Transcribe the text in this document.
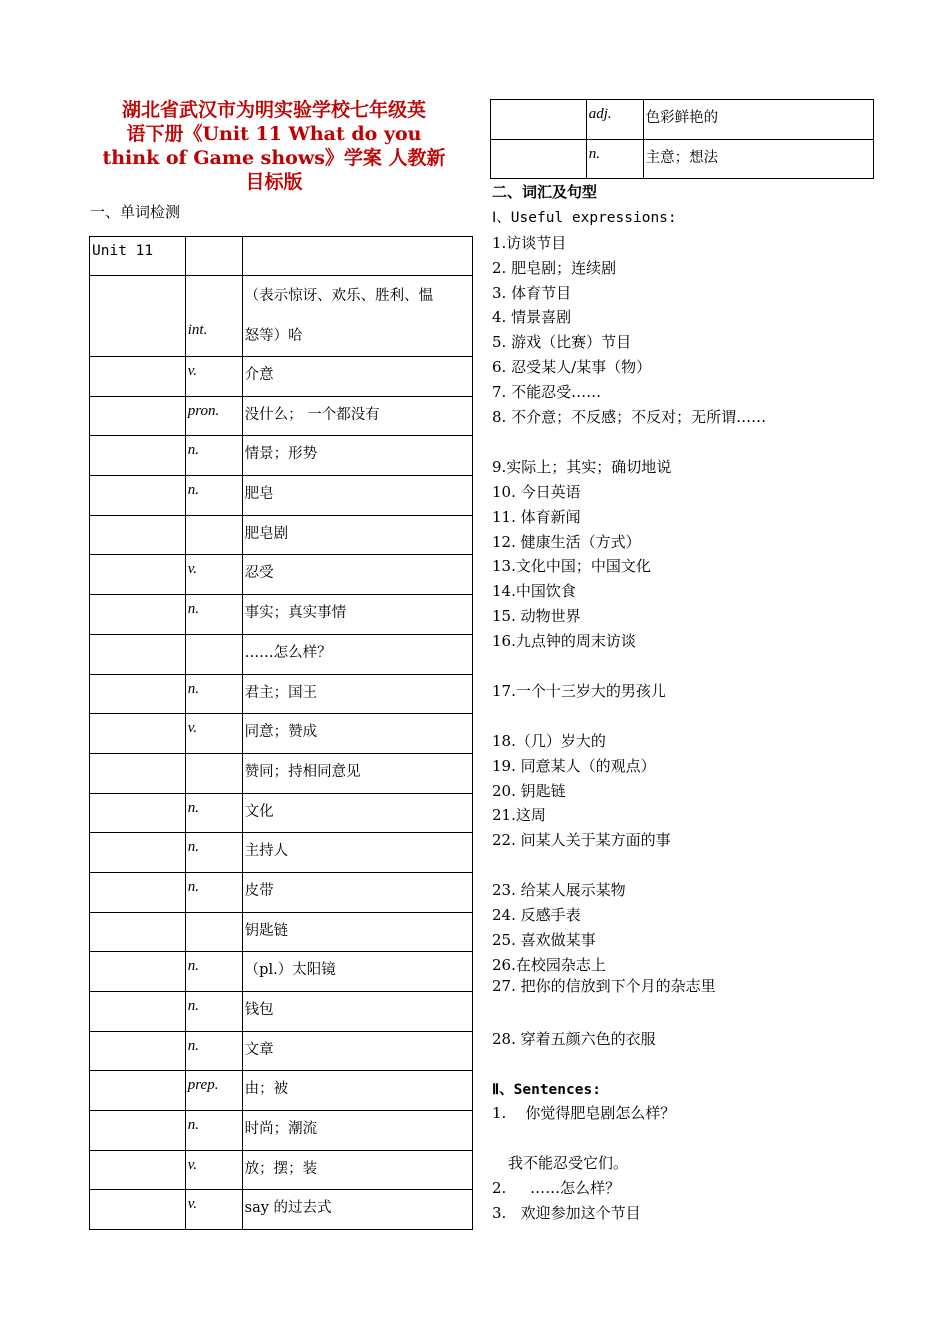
湖北省武汉市为明实验学校七年级英
语下册《Unit 11 What do you
think of Game shows》学案 人教新
目标版
一、单词检测
Unit 11		

	int.	（表示惊讶、欢乐、胜利、愠
怒等）哈

	v.	介意

	pron.	没什么； 一个都没有

	n.	情景；形势

	n.	肥皂

		肥皂剧

	v.	忍受

	n.	事实；真实事情

		……怎么样？

	n.	君主；国王

	v.	同意；赞成

		赞同；持相同意见

	n.	文化

	n.	主持人

	n.	皮带

		钥匙链

	n.	（pl.）太阳镜

	n.	钱包

	n.	文章

	prep.	由；被

	n.	时尚；潮流

	v.	放；摆；装

	v.	say 的过去式

	adj.	色彩鲜艳的

	n.	主意；想法
二、词汇及句型
Ⅰ、Useful expressions:
1.访谈节目
2. 肥皂剧；连续剧
3. 体育节目
4. 情景喜剧
5. 游戏（比赛）节目
6. 忍受某人/某事（物）
7. 不能忍受……
8. 不介意；不反感；不反对；无所谓……
9.实际上；其实；确切地说
10. 今日英语
11. 体育新闻
12. 健康生活（方式）
13.文化中国；中国文化
14.中国饮食
15. 动物世界
16.九点钟的周末访谈
17.一个十三岁大的男孩儿
18.（几）岁大的
19. 同意某人（的观点）
20. 钥匙链
21.这周
22. 问某人关于某方面的事
23. 给某人展示某物
24. 反感手表
25. 喜欢做某事
26.在校园杂志上
27. 把你的信放到下个月的杂志里
28. 穿着五颜六色的衣服
Ⅱ、Sentences:
1.    你觉得肥皂剧怎么样？
我不能忍受它们。
2.     ……怎么样？
3.   欢迎参加这个节目
